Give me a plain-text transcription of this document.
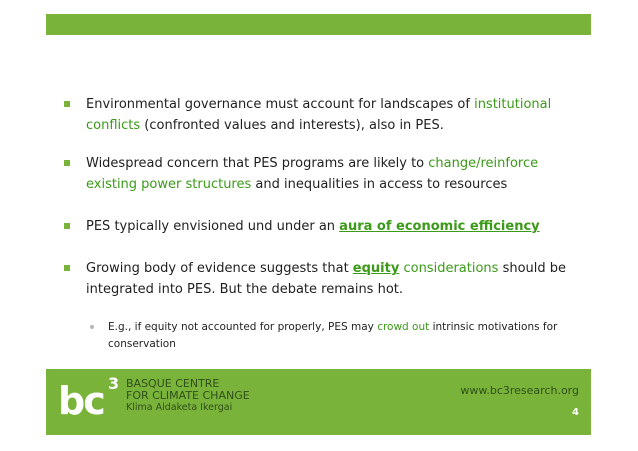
Environmental governance must account for landscapes of institutional conflicts (confronted values and interests), also in PES.
Widespread concern that PES programs are likely to change/reinforce existing power structures and inequalities in access to resources
PES typically envisioned und under an aura of economic efficiency
Growing body of evidence suggests that equity considerations should be integrated into PES. But the debate remains hot.
E.g., if equity not accounted for properly, PES may crowd out intrinsic motivations for conservation
bc 3 BASQUE CENTRE
FOR CLIMATE CHANGE
Klima Aldaketa Ikergai
www.bc3research.org
4
